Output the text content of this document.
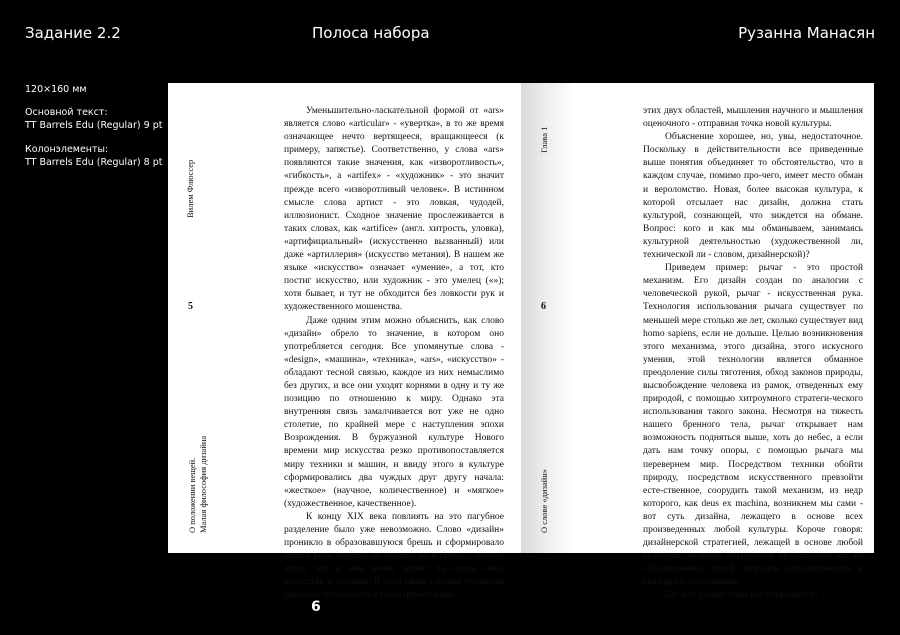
Задание 2.2	Полоса набора	Рузанна Манасян
120×160 мм
Основной текст:
TT Barrels Edu (Regular) 9 pt
Колонэлементы:
TT Barrels Edu (Regular) 8 pt	Вилем Флюссер
5
О положении вещей.
Малая философия дизайна

Уменьшительно-ласкательной формой от «ars» является слово «articular» - «увертка», в то же время означающее нечто вертящееся, вращающееся (к примеру, запястье). Соответственно, у слова «ars» появляются такие значения, как «изворотливость», «гибкость», а «artifex» - «художник» - это значит прежде всего «изворотливый человек». В истинном смысле слова артист - это ловкая, чудодей, иллюзионист. Сходное значение прослеживается в таких словах, как «artifice» (англ. хитрость, уловка), «артифициальный» (искусственно вызванный) или даже «артиллерия» (искусство метания). В нашем же языке «искусство» означает «умение», а тот, кто постиг искусство, или художник - это умелец («»); хотя бывает, и тут не обходится без ловкости рук и художественного мошенства.

Даже одним этим можно объяснить, как слово «дизайн» обрело то значение, в котором оно употребляется сегодня. Все упомянутые слова - «design», «машина», «техника», «ars», «искусство» - обладают тесной связью, каждое из них немыслимо без других, и все они уходят корнями в одну и ту же позицию по отношению к миру. Однако эта внутренняя связь замалчивается вот уже не одно столетие, по крайней мере с наступления эпохи Возрождения. В буржуазной культуре Нового времени мир искусства резко противопоставляется миру техники и машин, и ввиду этого в культуре сформировались два чуждых друг другу начала: «жесткое» (научное, количественное) и «мягкое» (художественное, качественное).

К концу XIX века повлиять на это пагубное разделение было уже невозможно. Слово «дизайн» проникло в образовавшуюся брешь и сформировало своего рода переход от первого ко второму - потому лишь, что в нем вновь звучит та самая связь искусства и техники. В этой связи сегодня термином «дизайн» обозначается точка пересечения

Глава 1
6
О слове «дизайн»

этих двух областей, мышления научного и мышления оценочного - отправная точка новой культуры.

Объяснение хорошее, но, увы, недостаточное. Поскольку в действительности все приведенные выше понятия объединяет то обстоятельство, что в каждом случае, помимо про-чего, имеет место обман и вероломство. Новая, более высокая культура, к которой отсылает нас дизайн, должна стать культурой, сознающей, что зиждется на обмане. Вопрос: кого и как мы обманываем, занимаясь культурной деятельностью (художественной ли, технической ли - словом, дизайнерской)?

Приведем пример: рычаг - это простой механизм. Его дизайн создан по аналогии с человеческой рукой, рычаг - искусственная рука. Технология использования рычага существует по меньшей мере столько же лет, сколько существует вид homo sapiens, если не дольше. Целью возникновения этого механизма, этого дизайна, этого искусного умения, этой технологии является обманное преодоление силы тяготения, обход законов природы, высвобождение человека из рамок, отведенных ему природой, с помощью хитроумного стратеги-ческого использования такого закона. Несмотря на тяжесть нашего бренного тела, рычаг открывает нам возможность подняться выше, хоть до небес, а если дать нам точку опоры, с помощью рычага мы перевернем мир. Посредством техники обойти природу, посредством искусственного превзойти есте-ственное, соорудить такой механизм, из недр которого, как deus ex machina, возникнем мы сами - вот суть дизайна, лежащего в основе всех произведенных любой культуры. Короче говоря: дизайнерской стратегией, лежащей в основе любой культуры, является хитроумное превращение нас из обусловленных своей природой млекопитающих в свободных художников.

До чего удачно этим все объясняется!

6
